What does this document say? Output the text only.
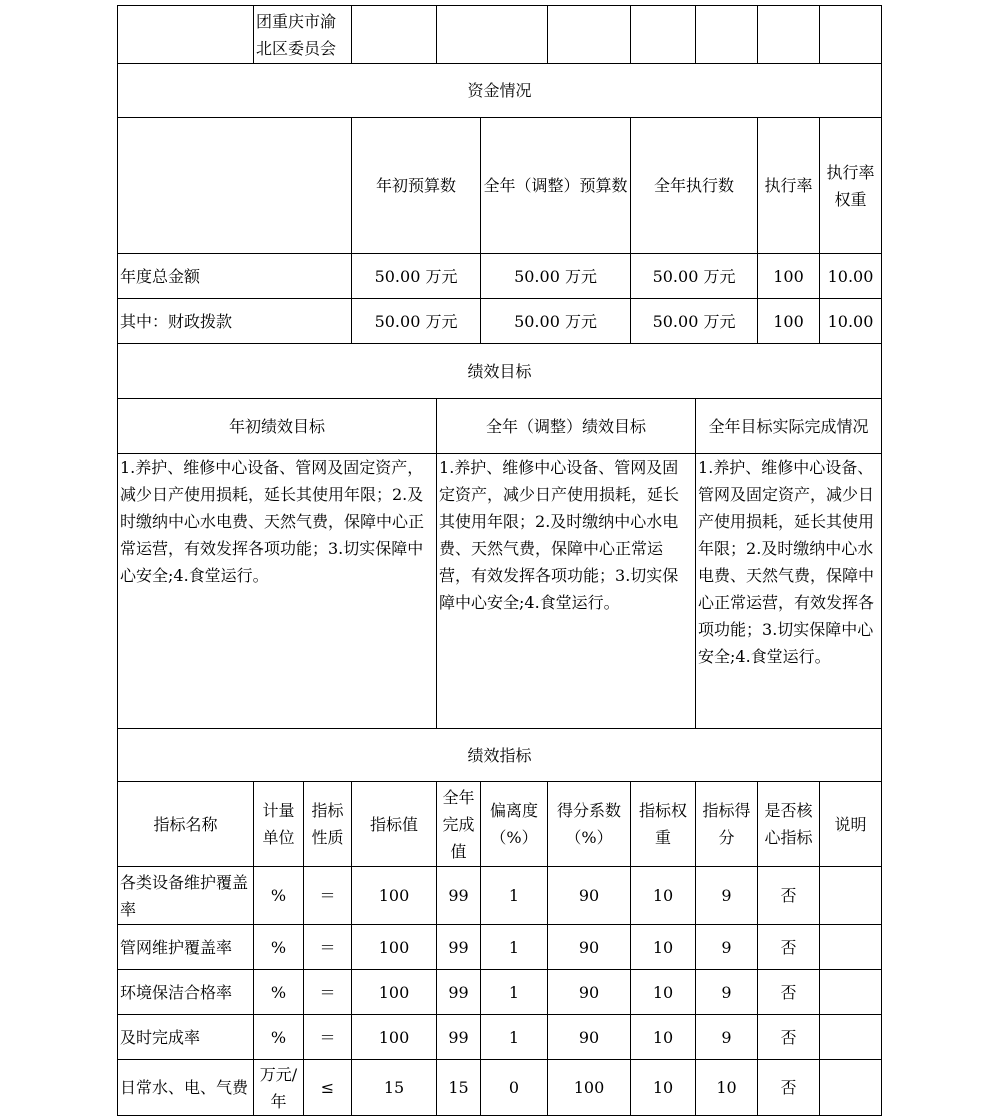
	团重庆市渝北区委员会										
资金情况											
			年初预算数		全年（调整）预算数		全年执行数		执行率	执行率权重	
年度总金额			50.00 万元		50.00 万元		50.00 万元		100	10.00	
其中：财政拨款			50.00 万元		50.00 万元		50.00 万元		100	10.00	
绩效目标											
年初绩效目标				全年（调整）绩效目标				全年目标实际完成情况			
1.养护、维修中心设备、管网及固定资产，减少日产使用损耗，延长其使用年限；2.及时缴纳中心水电费、天然气费，保障中心正常运营，有效发挥各项功能；3.切实保障中心安全;4.食堂运行。				1.养护、维修中心设备、管网及固定资产，减少日产使用损耗，延长其使用年限；2.及时缴纳中心水电费、天然气费，保障中心正常运营，有效发挥各项功能；3.切实保障中心安全;4.食堂运行。				1.养护、维修中心设备、管网及固定资产，减少日产使用损耗，延长其使用年限；2.及时缴纳中心水电费、天然气费，保障中心正常运营，有效发挥各项功能；3.切实保障中心安全;4.食堂运行。			
绩效指标											
指标名称	计量单位	指标性质	指标值	全年完成值	偏离度（%）	得分系数（%）	指标权重	指标得分	是否核心指标	说明	
各类设备维护覆盖率	%	＝	100	99	1	90	10	9	否		
管网维护覆盖率	%	＝	100	99	1	90	10	9	否		
环境保洁合格率	%	＝	100	99	1	90	10	9	否		
及时完成率	%	＝	100	99	1	90	10	9	否		
日常水、电、气费	万元/年	≤	15	15	0	100	10	10	否		
